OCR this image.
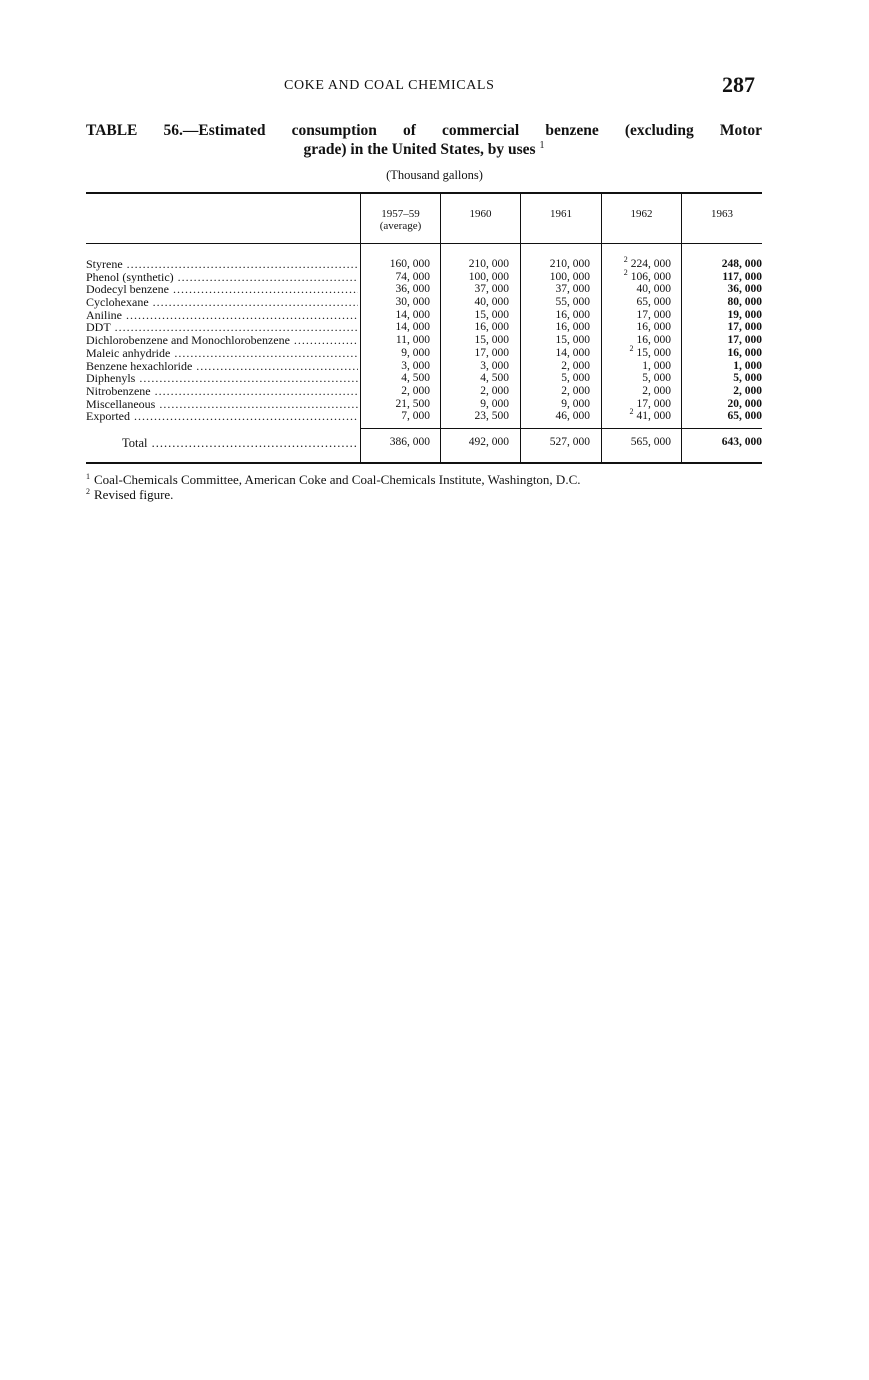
COKE AND COAL CHEMICALS	287
TABLE 56.—Estimated consumption of commercial benzene (excluding Motor
grade) in the United States, by uses $^1$
(Thousand gallons)
1957–59
(average)
1960	1961	1962	1963
Styrene .....	160, 000	210, 000	210, 000	$^2$ 224, 000	248, 000
Phenol (synthetic) .....	74, 000	100, 000	100, 000	$^2$ 106, 000	117, 000
Dodecyl benzene .....	36, 000	37, 000	37, 000	40, 000	36, 000
Cyclohexane .....	30, 000	40, 000	55, 000	65, 000	80, 000
Aniline .....	14, 000	15, 000	16, 000	17, 000	19, 000
DDT .....	14, 000	16, 000	16, 000	16, 000	17, 000
Dichlorobenzene and Monochlorobenzene .....	11, 000	15, 000	15, 000	16, 000	17, 000
Maleic anhydride .....	9, 000	17, 000	14, 000	$^2$ 15, 000	16, 000
Benzene hexachloride .....	3, 000	3, 000	2, 000	1, 000	1, 000
Diphenyls .....	4, 500	4, 500	5, 000	5, 000	5, 000
Nitrobenzene .....	2, 000	2, 000	2, 000	2, 000	2, 000
Miscellaneous .....	21, 500	9, 000	9, 000	17, 000	20, 000
Exported .....	7, 000	23, 500	46, 000	$^2$ 41, 000	65, 000
Total .....	386, 000	492, 000	527, 000	565, 000	643, 000
$^1$ Coal-Chemicals Committee, American Coke and Coal-Chemicals Institute, Washington, D.C.
$^2$ Revised figure.
